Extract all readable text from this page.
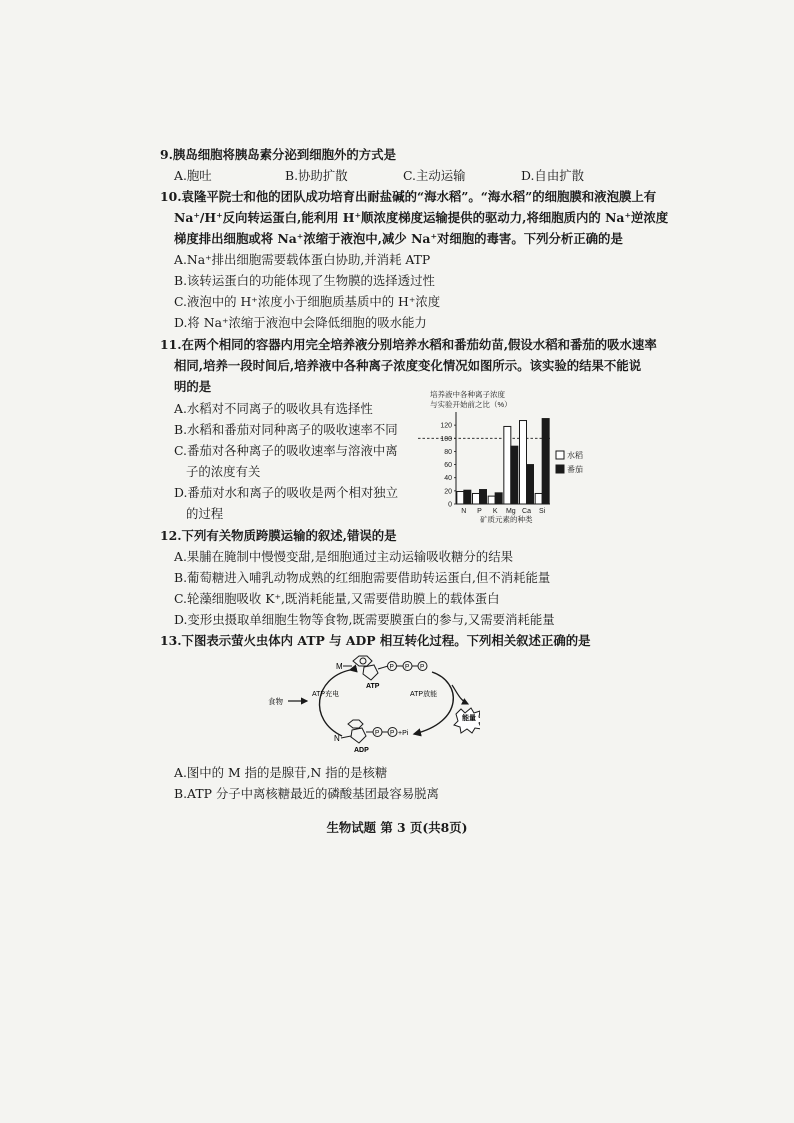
9.胰岛细胞将胰岛素分泌到细胞外的方式是
A.胞吐	B.协助扩散	C.主动运输	D.自由扩散
10.袁隆平院士和他的团队成功培育出耐盐碱的“海水稻”。“海水稻”的细胞膜和液泡膜上有
Na⁺/H⁺反向转运蛋白,能利用 H⁺顺浓度梯度运输提供的驱动力,将细胞质内的 Na⁺逆浓度
梯度排出细胞或将 Na⁺浓缩于液泡中,减少 Na⁺对细胞的毒害。下列分析正确的是
A.Na⁺排出细胞需要载体蛋白协助,并消耗 ATP
B.该转运蛋白的功能体现了生物膜的选择透过性
C.液泡中的 H⁺浓度小于细胞质基质中的 H⁺浓度
D.将 Na⁺浓缩于液泡中会降低细胞的吸水能力
11.在两个相同的容器内用完全培养液分别培养水稻和番茄幼苗,假设水稻和番茄的吸水速率
相同,培养一段时间后,培养液中各种离子浓度变化情况如图所示。该实验的结果不能说
明的是
A.水稻对不同离子的吸收具有选择性
B.水稻和番茄对同种离子的吸收速率不同
C.番茄对各种离子的吸收速率与溶液中离
子的浓度有关
D.番茄对水和离子的吸收是两个相对独立
的过程
培养液中各种离子浓度
与实验开始前之比（%）
0
20
40
60
80
100
120
N P K Mg Ca Si
矿质元素的种类
水稻
番茄
12.下列有关物质跨膜运输的叙述,错误的是
A.果脯在腌制中慢慢变甜,是细胞通过主动运输吸收糖分的结果
B.葡萄糖进入哺乳动物成熟的红细胞需要借助转运蛋白,但不消耗能量
C.轮藻细胞吸收 K⁺,既消耗能量,又需要借助膜上的载体蛋白
D.变形虫摄取单细胞生物等食物,既需要膜蛋白的参与,又需要消耗能量
13.下图表示萤火虫体内 ATP 与 ADP 相互转化过程。下列相关叙述正确的是
M
ATP
P P P
ATP充电	ATP放能
食物
能量
N
ADP
P P +Pi
A.图中的 M 指的是腺苷,N 指的是核糖
B.ATP 分子中离核糖最近的磷酸基团最容易脱离
生物试题 第 3 页(共8页)
